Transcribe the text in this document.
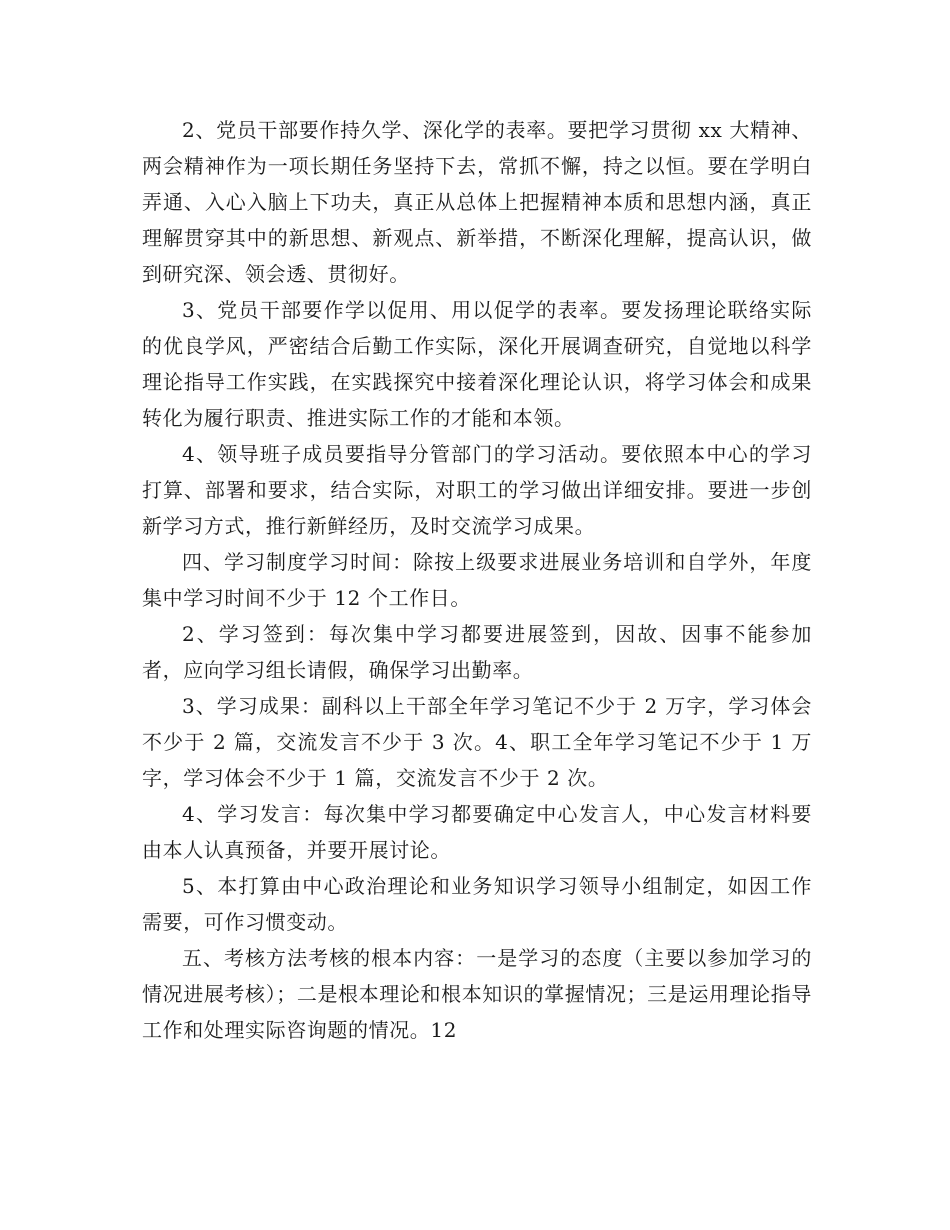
2、党员干部要作持久学、深化学的表率。要把学习贯彻 xx 大精神、两会精神作为一项长期任务坚持下去，常抓不懈，持之以恒。要在学明白弄通、入心入脑上下功夫，真正从总体上把握精神本质和思想内涵，真正理解贯穿其中的新思想、新观点、新举措，不断深化理解，提高认识，做到研究深、领会透、贯彻好。

3、党员干部要作学以促用、用以促学的表率。要发扬理论联络实际的优良学风，严密结合后勤工作实际，深化开展调查研究，自觉地以科学理论指导工作实践，在实践探究中接着深化理论认识，将学习体会和成果转化为履行职责、推进实际工作的才能和本领。

4、领导班子成员要指导分管部门的学习活动。要依照本中心的学习打算、部署和要求，结合实际，对职工的学习做出详细安排。要进一步创新学习方式，推行新鲜经历，及时交流学习成果。

四、学习制度学习时间：除按上级要求进展业务培训和自学外，年度集中学习时间不少于 12 个工作日。

2、学习签到：每次集中学习都要进展签到，因故、因事不能参加者，应向学习组长请假，确保学习出勤率。

3、学习成果：副科以上干部全年学习笔记不少于 2 万字，学习体会不少于 2 篇，交流发言不少于 3 次。4、职工全年学习笔记不少于 1 万字，学习体会不少于 1 篇，交流发言不少于 2 次。

4、学习发言：每次集中学习都要确定中心发言人，中心发言材料要由本人认真预备，并要开展讨论。

5、本打算由中心政治理论和业务知识学习领导小组制定，如因工作需要，可作习惯变动。

五、考核方法考核的根本内容：一是学习的态度（主要以参加学习的情况进展考核）；二是根本理论和根本知识的掌握情况；三是运用理论指导工作和处理实际咨询题的情况。12
